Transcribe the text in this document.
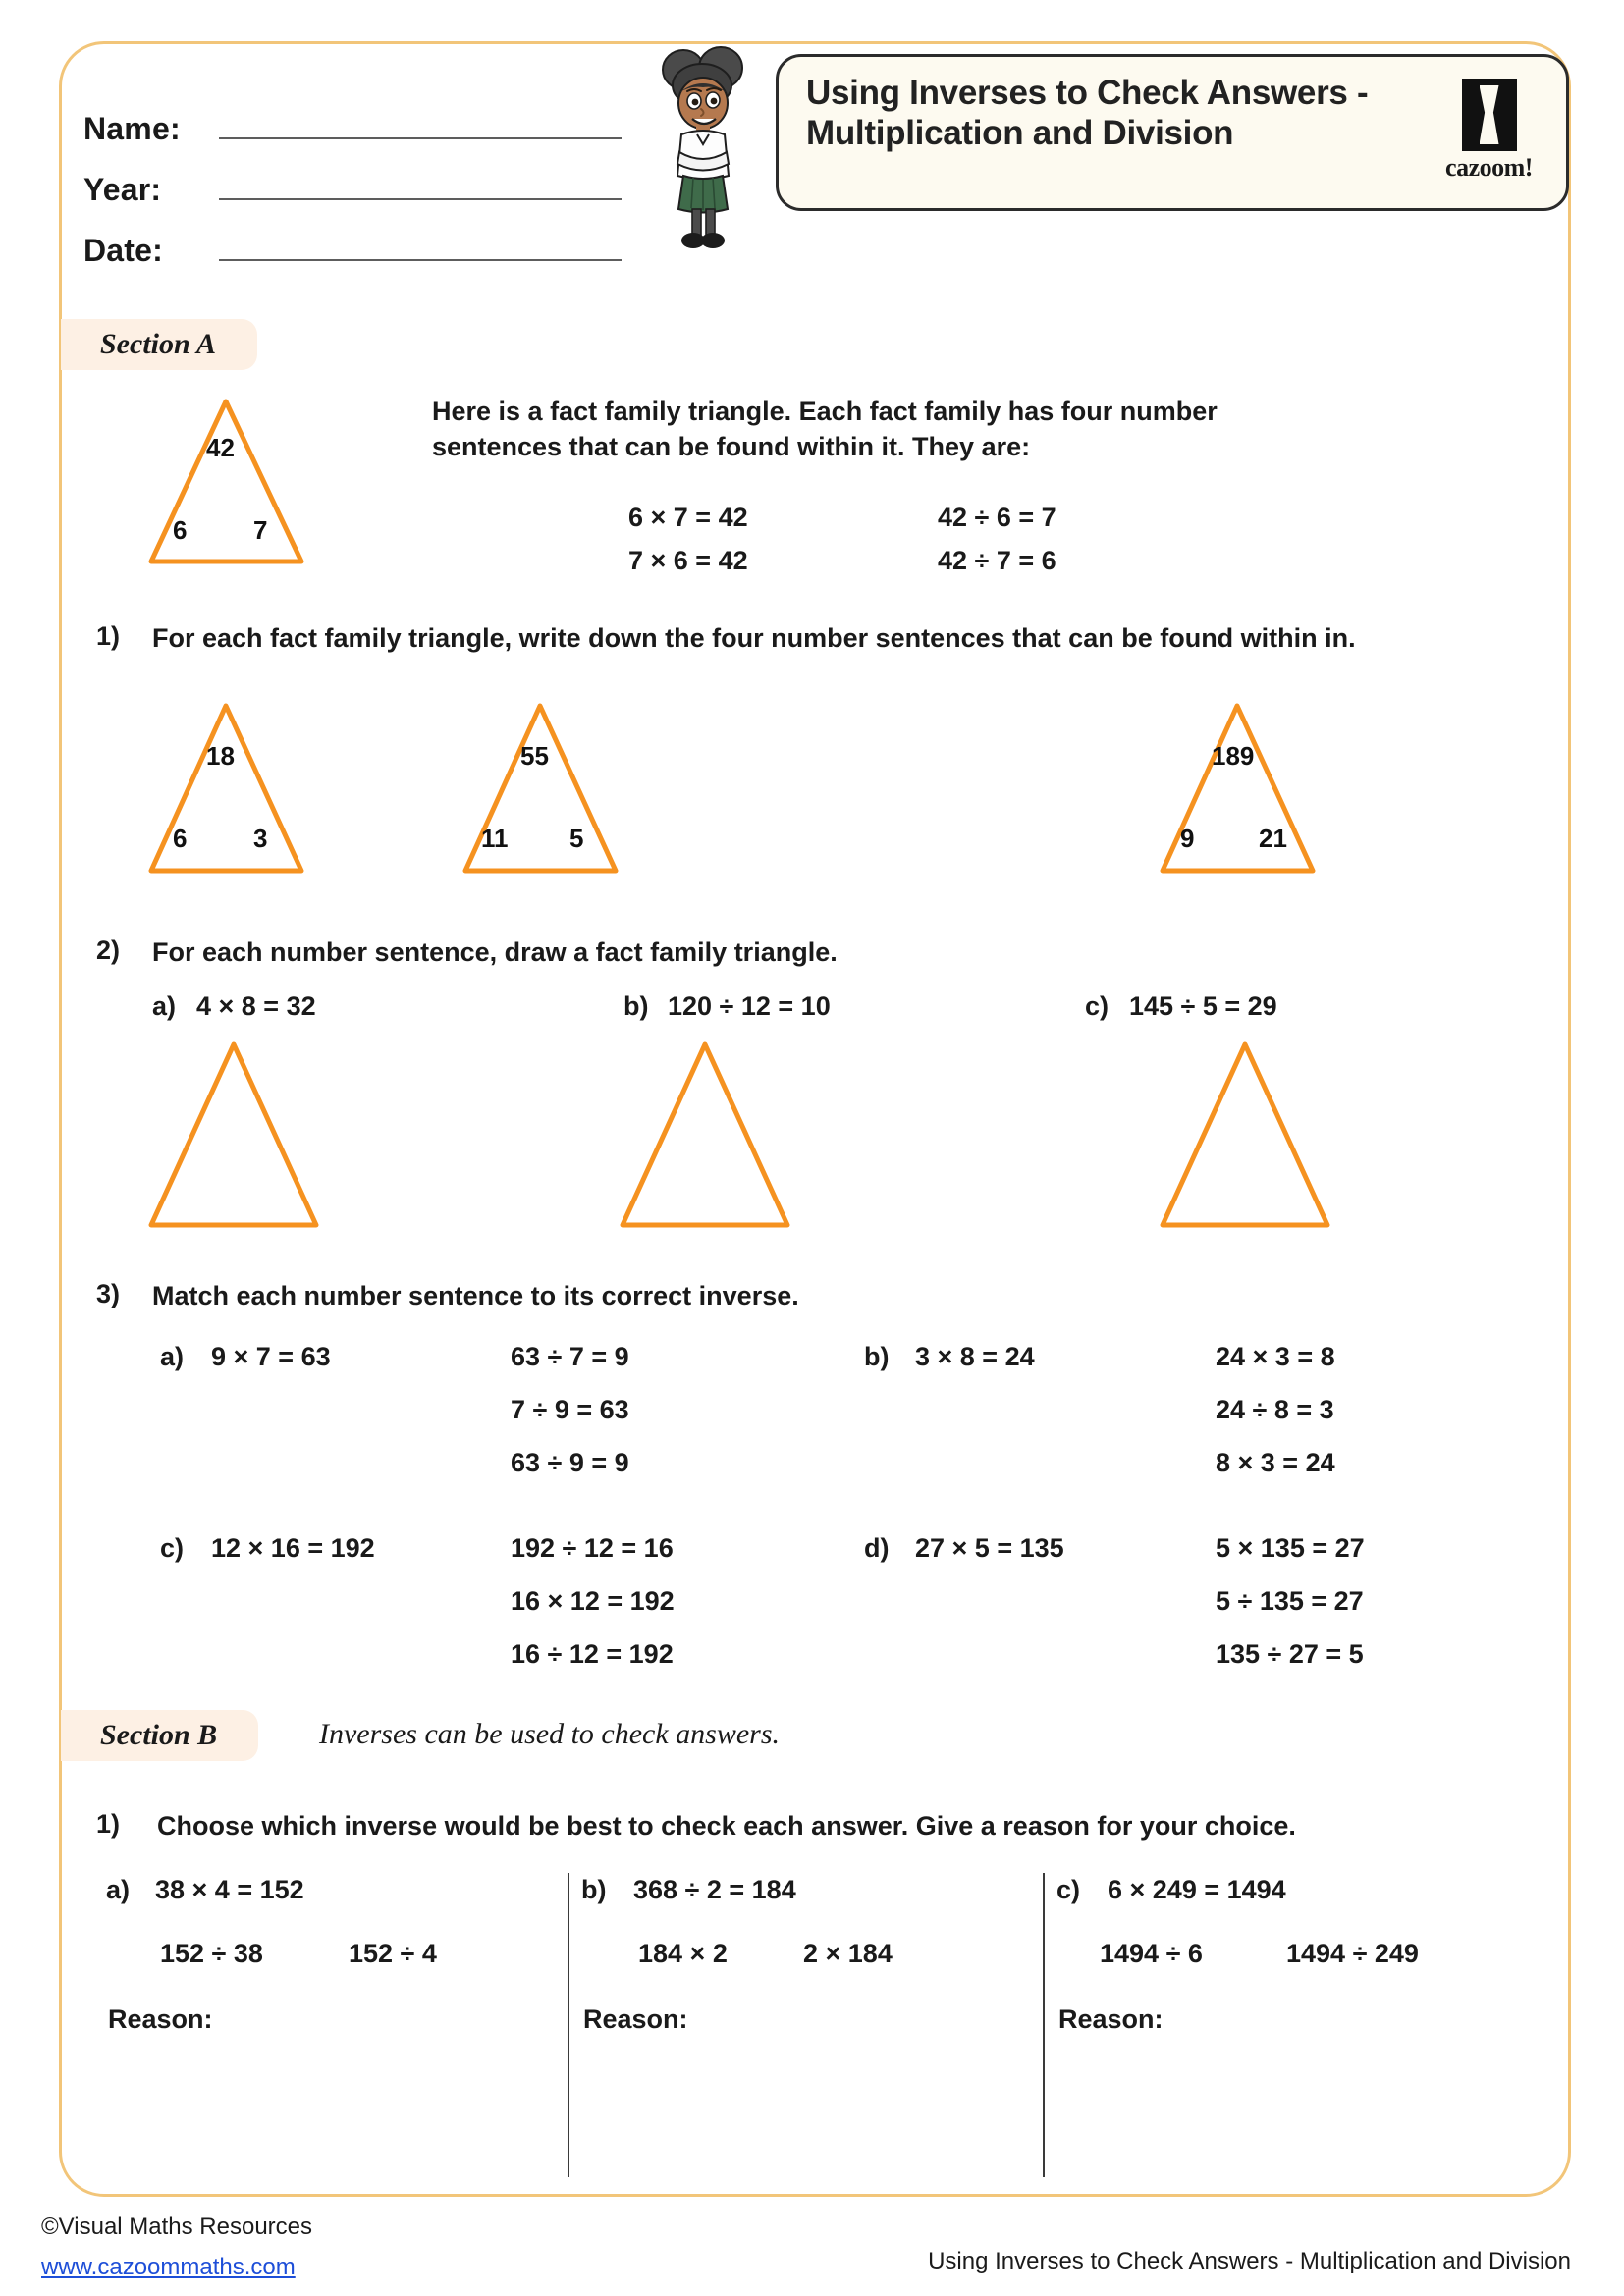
Name:
Year:
Date:
Using Inverses to Check Answers - Multiplication and Division
cazoom!
Section A
42
6	7
Here is a fact family triangle. Each fact family has four number sentences that can be found within it. They are:
6 × 7 = 42	42 ÷ 6 = 7
7 × 6 = 42	42 ÷ 7 = 6
1) For each fact family triangle, write down the four number sentences that can be found within in.
18
6	3
55
11 5
189
9	21
2) For each number sentence, draw a fact family triangle.
a) 4 × 8 = 32	b) 120 ÷ 12 = 10	c) 145 ÷ 5 = 29
3) Match each number sentence to its correct inverse.
a) 9 × 7 = 63	63 ÷ 7 = 9
7 ÷ 9 = 63
63 ÷ 9 = 9
b) 3 × 8 = 24	24 × 3 = 8
24 ÷ 8 = 3
8 × 3 = 24
c) 12 × 16 = 192	192 ÷ 12 = 16
16 × 12 = 192
16 ÷ 12 = 192
d) 27 × 5 = 135	5 × 135 = 27
5 ÷ 135 = 27
135 ÷ 27 = 5
Section B	Inverses can be used to check answers.
1) Choose which inverse would be best to check each answer. Give a reason for your choice.
a) 38 × 4 = 152
152 ÷ 38	152 ÷ 4
Reason:
b) 368 ÷ 2 = 184
184 × 2	2 × 184
Reason:
c) 6 × 249 = 1494
1494 ÷ 6	1494 ÷ 249
Reason:
©Visual Maths Resources
www.cazoommaths.com	Using Inverses to Check Answers - Multiplication and Division
